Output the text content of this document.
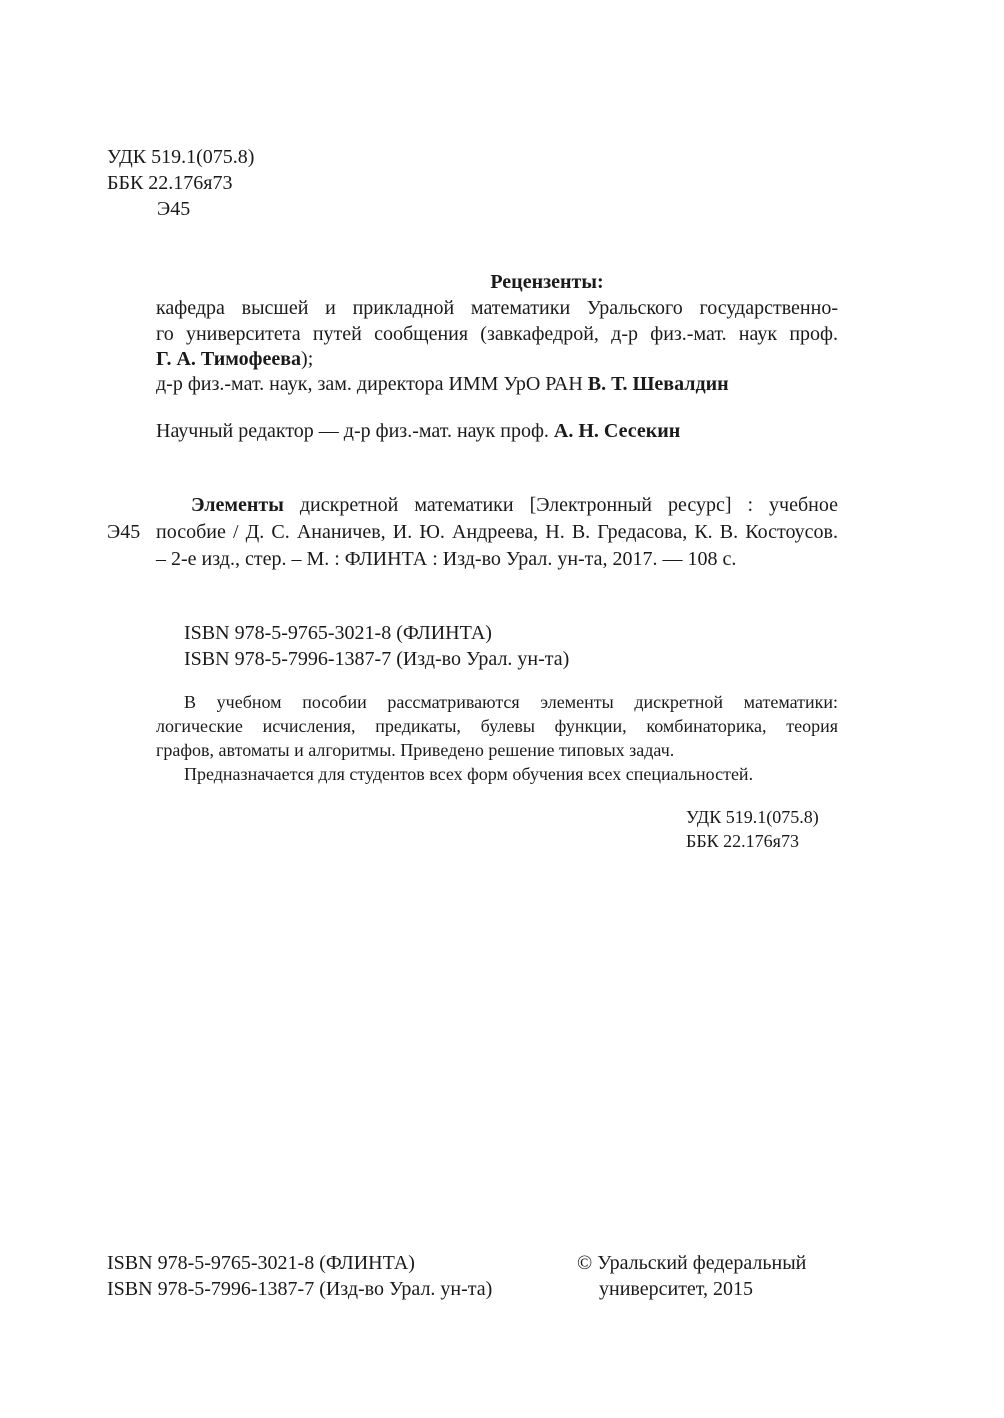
УДК 519.1(075.8)
ББК 22.176я73
Э45

Рецензенты:

кафедра высшей и прикладной математики Уральского государственно-

го университета путей сообщения (завкафедрой, д-р физ.-мат. наук проф.

Г. А. Тимофеева);

д-р физ.-мат. наук, зам. директора ИММ УрО РАН В. Т. Шевалдин

Научный редактор — д-р физ.-мат. наук проф. А. Н. Сесекин

Элементы дискретной математики [Электронный ресурс] : учебное
Э45 пособие / Д. С. Ананичев, И. Ю. Андреева, Н. В. Гредасова, К. В. Костоусов.
– 2-е изд., стер. – М. : ФЛИНТА : Изд-во Урал. ун-та, 2017. — 108 с.
ISBN 978-5-9765-3021-8 (ФЛИНТА)
ISBN 978-5-7996-1387-7 (Изд-во Урал. ун-та)
В учебном пособии рассматриваются элементы дискретной математики:
логические исчисления, предикаты, булевы функции, комбинаторика, теория
графов, автоматы и алгоритмы. Приведено решение типовых задач.
Предназначается для студентов всех форм обучения всех специальностей.
УДК 519.1(075.8)
ББК 22.176я73
ISBN 978-5-9765-3021-8 (ФЛИНТА)
ISBN 978-5-7996-1387-7 (Изд-во Урал. ун-та)
© Уральский федеральный
университет, 2015
